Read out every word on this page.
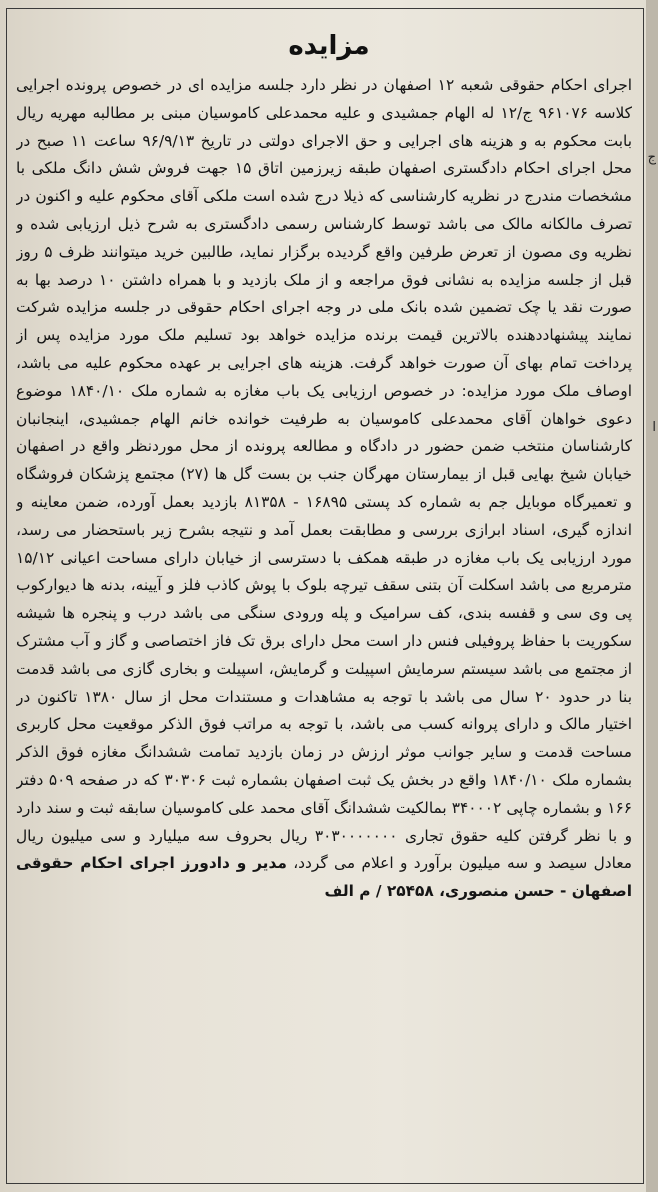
مزایده
اجرای احکام حقوقی شعبه ۱۲ اصفهان در نظر دارد جلسه مزایده ای در خصوص پرونده اجرایی کلاسه ۹۶۱۰۷۶ ج/۱۲ له الهام جمشیدی و علیه محمدعلی کاموسیان مبنی بر مطالبه مهریه ریال بابت محکوم به و هزینه های اجرایی و حق الاجرای دولتی در تاریخ ۹۶/۹/۱۳ ساعت ۱۱ صبح در محل اجرای احکام دادگستری اصفهان طبقه زیرزمین اتاق ۱۵ جهت فروش شش دانگ ملکی با مشخصات مندرج در نظریه کارشناسی که ذیلا درج شده است ملکی آقای محکوم علیه و اکنون در تصرف مالکانه مالک می باشد توسط کارشناس رسمی دادگستری به شرح ذیل ارزیابی شده و نظریه وی مصون از تعرض طرفین واقع گردیده برگزار نماید، طالبین خرید میتوانند ظرف ۵ روز قبل از جلسه مزایده به نشانی فوق مراجعه و از ملک بازدید و با همراه داشتن ۱۰ درصد بها به صورت نقد یا چک تضمین شده بانک ملی در وجه اجرای احکام حقوقی در جلسه مزایده شرکت نمایند پیشنهاددهنده بالاترین قیمت برنده مزایده خواهد بود تسلیم ملک مورد مزایده پس از پرداخت تمام بهای آن صورت خواهد گرفت. هزینه های اجرایی بر عهده محکوم علیه می باشد، اوصاف ملک مورد مزایده: در خصوص ارزیابی یک باب مغازه به شماره ملک ۱۸۴۰/۱۰ موضوع دعوی خواهان آقای محمدعلی کاموسیان به طرفیت خوانده خانم الهام جمشیدی، اینجانبان کارشناسان منتخب ضمن حضور در دادگاه و مطالعه پرونده از محل موردنظر واقع در اصفهان خیابان شیخ بهایی قبل از بیمارستان مهرگان جنب بن بست گل ها (۲۷) مجتمع پزشکان فروشگاه و تعمیرگاه موبایل جم به شماره کد پستی ۱۶۸۹۵ - ۸۱۳۵۸ بازدید بعمل آورده، ضمن معاینه و اندازه گیری، اسناد ابرازی بررسی و مطابقت بعمل آمد و نتیجه بشرح زیر باستحضار می رسد، مورد ارزیابی یک باب مغازه در طبقه همکف با دسترسی از خیابان دارای مساحت اعیانی ۱۵/۱۲ مترمربع می باشد اسکلت آن بتنی سقف تیرچه بلوک با پوش کاذب فلز و آیینه، بدنه ها دیوارکوب پی وی سی و قفسه بندی، کف سرامیک و پله ورودی سنگی می باشد درب و پنجره ها شیشه سکوریت با حفاظ پروفیلی فنس دار است محل دارای برق تک فاز اختصاصی و گاز و آب مشترک از مجتمع می باشد سیستم سرمایش اسپیلت و گرمایش، اسپیلت و بخاری گازی می باشد قدمت بنا در حدود ۲۰ سال می باشد با توجه به مشاهدات و مستندات محل از سال ۱۳۸۰ تاکنون در اختیار مالک و دارای پروانه کسب می باشد، با توجه به مراتب فوق الذکر موقعیت محل کاربری مساحت قدمت و سایر جوانب موثر ارزش در زمان بازدید تمامت ششدانگ مغازه فوق الذکر بشماره ملک ۱۸۴۰/۱۰ واقع در بخش یک ثبت اصفهان بشماره ثبت ۳۰۳۰۶ که در صفحه ۵۰۹ دفتر ۱۶۶ و بشماره چاپی ۳۴۰۰۰۲ بمالکیت ششدانگ آقای محمد علی کاموسیان سابقه ثبت و سند دارد و با نظر گرفتن کلیه حقوق تجاری ۳۰۳۰۰۰۰۰۰۰ ریال بحروف سه میلیارد و سی میلیون ریال معادل سیصد و سه میلیون برآورد و اعلام می گردد، مدیر و دادورز اجرای احکام حقوقی اصفهان - حسن منصوری، ۲۵۴۵۸ / م الف
ج
ا
